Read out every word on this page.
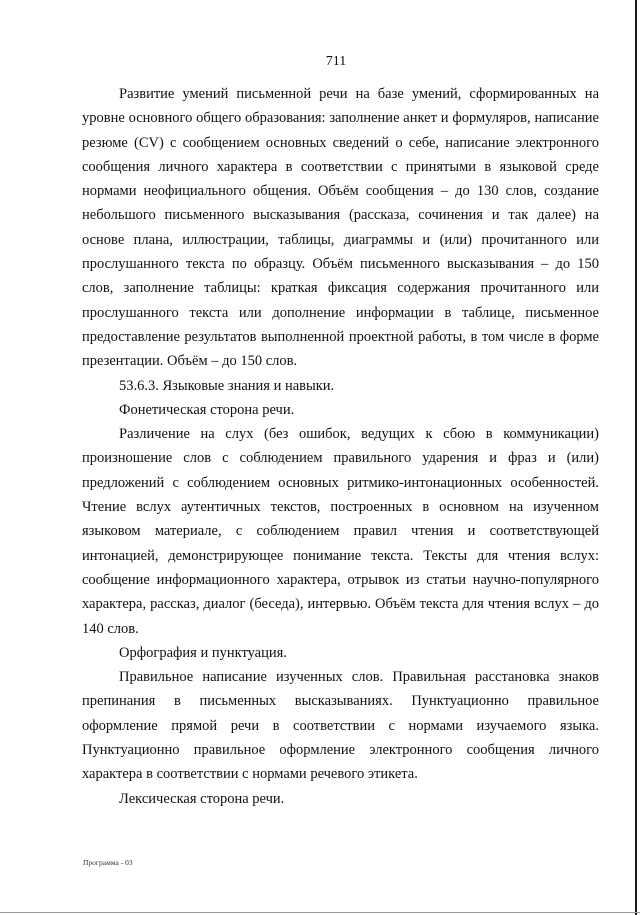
711

Развитие умений письменной речи на базе умений, сформированных на уровне основного общего образования: заполнение анкет и формуляров, написание резюме (CV) с сообщением основных сведений о себе, написание электронного сообщения личного характера в соответствии с принятыми в языковой среде нормами неофициального общения. Объём сообщения – до 130 слов, создание небольшого письменного высказывания (рассказа, сочинения и так далее) на основе плана, иллюстрации, таблицы, диаграммы и (или) прочитанного или прослушанного текста по образцу. Объём письменного высказывания – до 150 слов, заполнение таблицы: краткая фиксация содержания прочитанного или прослушанного текста или дополнение информации в таблице, письменное предоставление результатов выполненной проектной работы, в том числе в форме презентации. Объём – до 150 слов.

53.6.3. Языковые знания и навыки.

Фонетическая сторона речи.

Различение на слух (без ошибок, ведущих к сбою в коммуникации) произношение слов с соблюдением правильного ударения и фраз и (или) предложений с соблюдением основных ритмико-интонационных особенностей. Чтение вслух аутентичных текстов, построенных в основном на изученном языковом материале, с соблюдением правил чтения и соответствующей интонацией, демонстрирующее понимание текста. Тексты для чтения вслух: сообщение информационного характера, отрывок из статьи научно-популярного характера, рассказ, диалог (беседа), интервью. Объём текста для чтения вслух – до 140 слов.

Орфография и пунктуация.

Правильное написание изученных слов. Правильная расстановка знаков препинания в письменных высказываниях. Пунктуационно правильное оформление прямой речи в соответствии с нормами изучаемого языка. Пунктуационно правильное оформление электронного сообщения личного характера в соответствии с нормами речевого этикета.

Лексическая сторона речи.

Программа - 03
